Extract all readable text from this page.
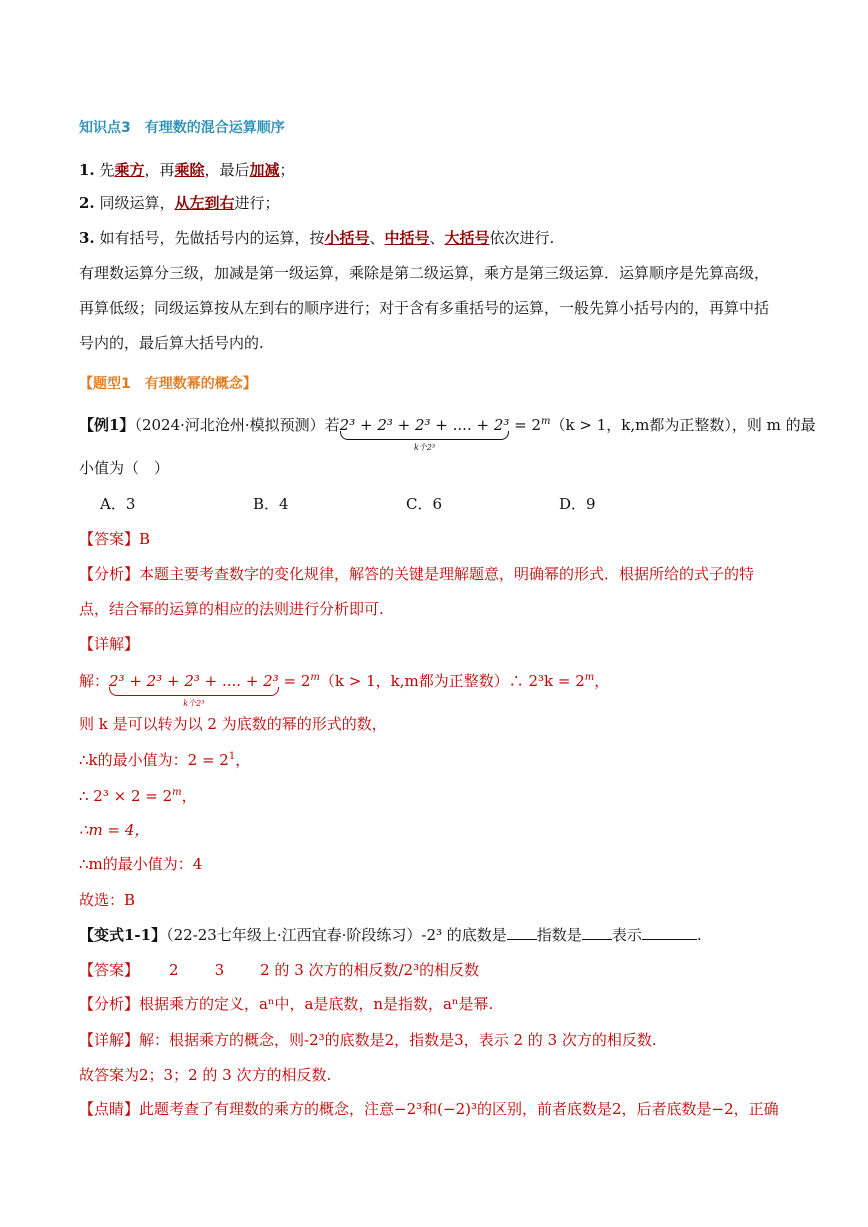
知识点3　有理数的混合运算顺序
1. 先乘方，再乘除，最后加减；
2. 同级运算，从左到右进行；
3. 如有括号，先做括号内的运算，按小括号、中括号、大括号依次进行.
有理数运算分三级，加减是第一级运算，乘除是第二级运算，乘方是第三级运算．运算顺序是先算高级，
再算低级；同级运算按从左到右的顺序进行；对于含有多重括号的运算，一般先算小括号内的，再算中括
号内的，最后算大括号内的.
【题型1　有理数幂的概念】
【例1】（2024·河北沧州·模拟预测）若2³ + 2³ + 2³ + .... + 2³
k个2³
= $2^m(k > 1$，k,m都为正整数），则 m 的最
小值为（　）
A．3	B．4	C．6	D．9
【答案】B
【分析】本题主要考查数字的变化规律，解答的关键是理解题意，明确幂的形式．根据所给的式子的特
点，结合幂的运算的相应的法则进行分析即可.
【详解】
解：2³ + 2³ + 2³ + .... + 2³
k个2³
= $2^m(k > 1$，k,m都为正整数）∴ $2^3k = 2^m$，
则 k 是可以转为以 2 为底数的幂的形式的数，
∴k的最小值为：$2 = 2^1$，
∴ $2^3 \times 2 = 2^m$，
∴m = 4，
∴m的最小值为：4
故选：B
【变式1-1】（22-23七年级上·江西宜春·阶段练习）-2³ 的底数是 指数是 表示	.
【答案】 2 3 2 的 3 次方的相反数/2³的相反数
【分析】根据乘方的定义，aⁿ中，a是底数，n是指数，aⁿ是幂.
【详解】解：根据乘方的概念，则-2³的底数是2，指数是3，表示 2 的 3 次方的相反数.
故答案为2；3；2 的 3 次方的相反数.
【点睛】此题考查了有理数的乘方的概念，注意−2³和(−2)³的区别，前者底数是2，后者底数是−2，正确
